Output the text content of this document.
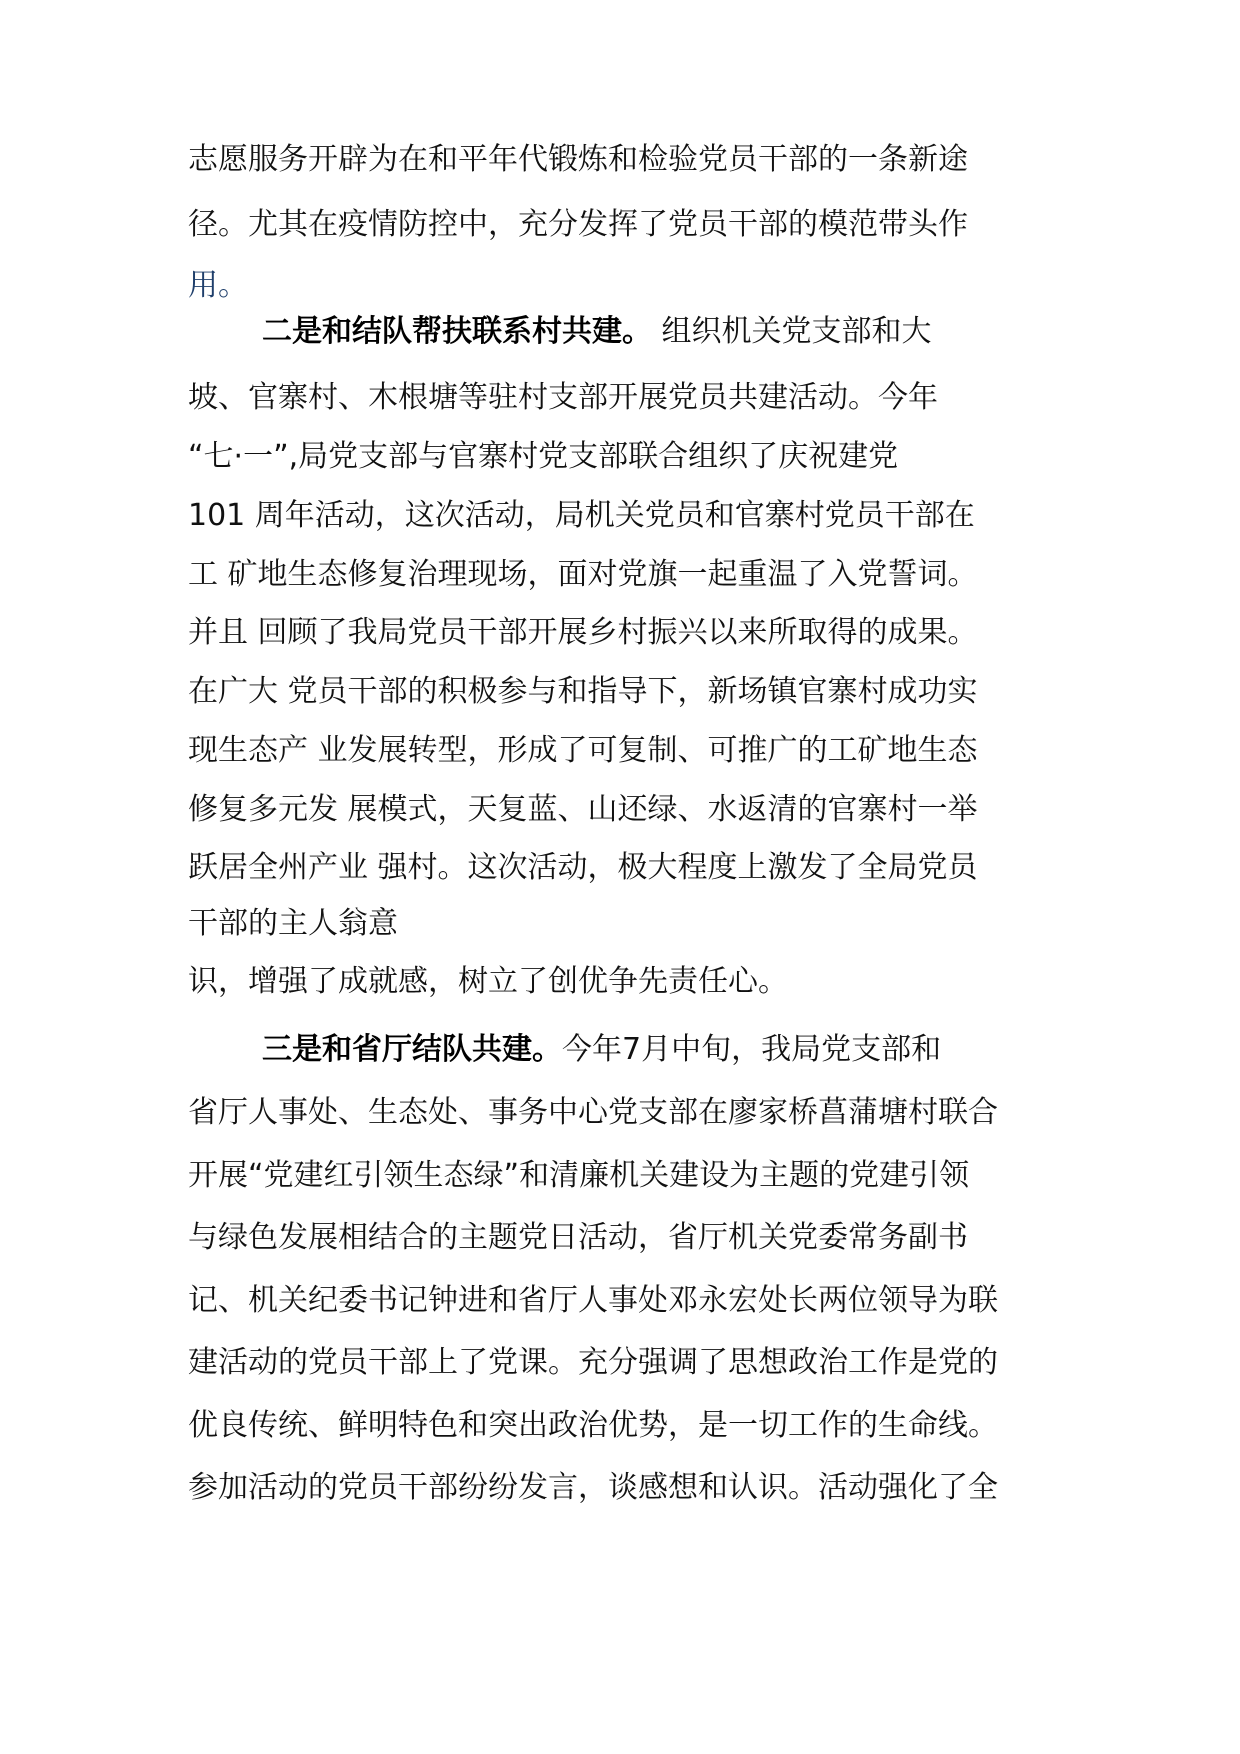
志愿服务开辟为在和平年代锻炼和检验党员干部的一条新途
径。尤其在疫情防控中，充分发挥了党员干部的模范带头作
用。
二是和结队帮扶联系村共建。 组织机关党支部和大
坡、官寨村、木根塘等驻村支部开展党员共建活动。今年
“七·一”,局党支部与官寨村党支部联合组织了庆祝建党
101 周年活动，这次活动，局机关党员和官寨村党员干部在
工 矿地生态修复治理现场，面对党旗一起重温了入党誓词。
并且 回顾了我局党员干部开展乡村振兴以来所取得的成果。
在广大 党员干部的积极参与和指导下，新场镇官寨村成功实
现生态产 业发展转型，形成了可复制、可推广的工矿地生态
修复多元发 展模式，天复蓝、山还绿、水返清的官寨村一举
跃居全州产业 强村。这次活动，极大程度上激发了全局党员
干部的主人翁意
识，增强了成就感，树立了创优争先责任心。
三是和省厅结队共建。今年7月中旬，我局党支部和
省厅人事处、生态处、事务中心党支部在廖家桥菖蒲塘村联合
开展“党建红引领生态绿”和清廉机关建设为主题的党建引领
与绿色发展相结合的主题党日活动，省厅机关党委常务副书
记、机关纪委书记钟进和省厅人事处邓永宏处长两位领导为联
建活动的党员干部上了党课。充分强调了思想政治工作是党的
优良传统、鲜明特色和突出政治优势，是一切工作的生命线。
参加活动的党员干部纷纷发言，谈感想和认识。活动强化了全
